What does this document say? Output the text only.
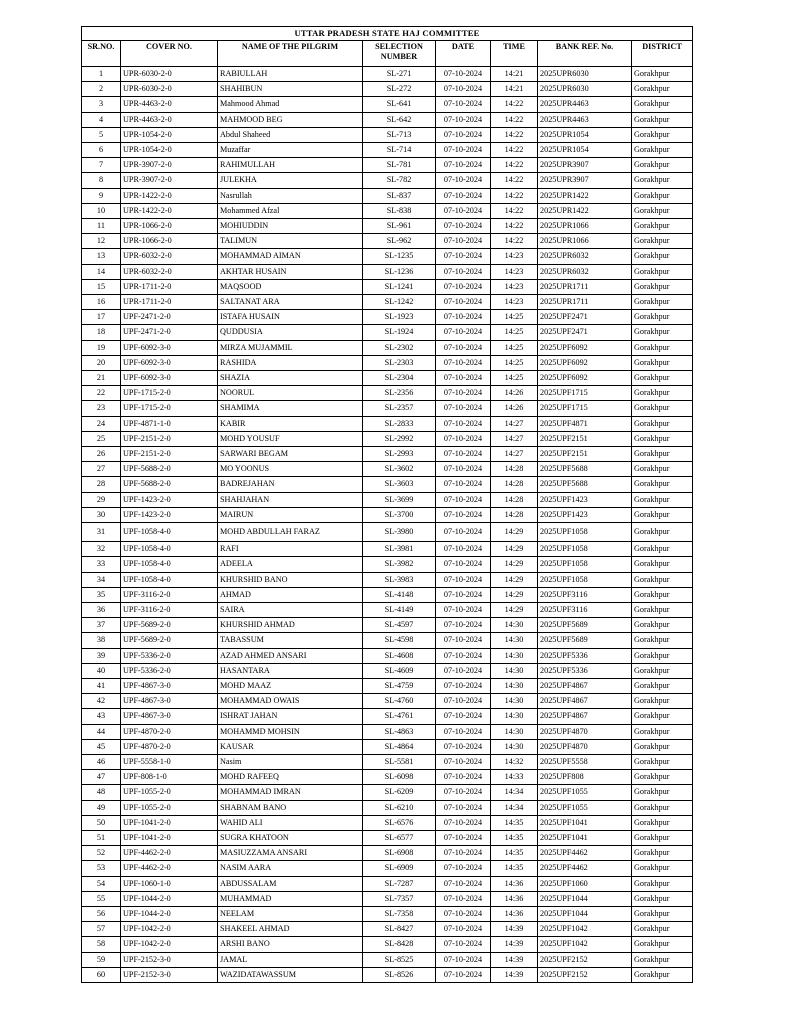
UTTAR PRADESH STATE HAJ COMMITTEE							
SR.NO.	COVER NO.	NAME OF THE PILGRIM	SELECTION NUMBER	DATE	TIME	BANK REF. No.	DISTRICT
1	UPR-6030-2-0	RABIULLAH	SL-271	07-10-2024	14:21	2025UPR6030	Gorakhpur
2	UPR-6030-2-0	SHAHIBUN	SL-272	07-10-2024	14:21	2025UPR6030	Gorakhpur
3	UPR-4463-2-0	Mahmood Ahmad	SL-641	07-10-2024	14:22	2025UPR4463	Gorakhpur
4	UPR-4463-2-0	MAHMOOD BEG	SL-642	07-10-2024	14:22	2025UPR4463	Gorakhpur
5	UPR-1054-2-0	Abdul Shaheed	SL-713	07-10-2024	14:22	2025UPR1054	Gorakhpur
6	UPR-1054-2-0	Muzaffar	SL-714	07-10-2024	14:22	2025UPR1054	Gorakhpur
7	UPR-3907-2-0	RAHIMULLAH	SL-781	07-10-2024	14:22	2025UPR3907	Gorakhpur
8	UPR-3907-2-0	JULEKHA	SL-782	07-10-2024	14:22	2025UPR3907	Gorakhpur
9	UPR-1422-2-0	Nasrullah	SL-837	07-10-2024	14:22	2025UPR1422	Gorakhpur
10	UPR-1422-2-0	Mohammed Afzal	SL-838	07-10-2024	14:22	2025UPR1422	Gorakhpur
11	UPR-1066-2-0	MOHIUDDIN	SL-961	07-10-2024	14:22	2025UPR1066	Gorakhpur
12	UPR-1066-2-0	TALIMUN	SL-962	07-10-2024	14:22	2025UPR1066	Gorakhpur
13	UPR-6032-2-0	MOHAMMAD AIMAN	SL-1235	07-10-2024	14:23	2025UPR6032	Gorakhpur
14	UPR-6032-2-0	AKHTAR HUSAIN	SL-1236	07-10-2024	14:23	2025UPR6032	Gorakhpur
15	UPR-1711-2-0	MAQSOOD	SL-1241	07-10-2024	14:23	2025UPR1711	Gorakhpur
16	UPR-1711-2-0	SALTANAT ARA	SL-1242	07-10-2024	14:23	2025UPR1711	Gorakhpur
17	UPF-2471-2-0	ISTAFA HUSAIN	SL-1923	07-10-2024	14:25	2025UPF2471	Gorakhpur
18	UPF-2471-2-0	QUDDUSIA	SL-1924	07-10-2024	14:25	2025UPF2471	Gorakhpur
19	UPF-6092-3-0	MIRZA MUJAMMIL	SL-2302	07-10-2024	14:25	2025UPF6092	Gorakhpur
20	UPF-6092-3-0	RASHIDA	SL-2303	07-10-2024	14:25	2025UPF6092	Gorakhpur
21	UPF-6092-3-0	SHAZIA	SL-2304	07-10-2024	14:25	2025UPF6092	Gorakhpur
22	UPF-1715-2-0	NOORUL	SL-2356	07-10-2024	14:26	2025UPF1715	Gorakhpur
23	UPF-1715-2-0	SHAMIMA	SL-2357	07-10-2024	14:26	2025UPF1715	Gorakhpur
24	UPF-4871-1-0	KABIR	SL-2833	07-10-2024	14:27	2025UPF4871	Gorakhpur
25	UPF-2151-2-0	MOHD YOUSUF	SL-2992	07-10-2024	14:27	2025UPF2151	Gorakhpur
26	UPF-2151-2-0	SARWARI BEGAM	SL-2993	07-10-2024	14:27	2025UPF2151	Gorakhpur
27	UPF-5688-2-0	MO YOONUS	SL-3602	07-10-2024	14:28	2025UPF5688	Gorakhpur
28	UPF-5688-2-0	BADREJAHAN	SL-3603	07-10-2024	14:28	2025UPF5688	Gorakhpur
29	UPF-1423-2-0	SHAHJAHAN	SL-3699	07-10-2024	14:28	2025UPF1423	Gorakhpur
30	UPF-1423-2-0	MAIRUN	SL-3700	07-10-2024	14:28	2025UPF1423	Gorakhpur
31	UPF-1058-4-0	MOHD ABDULLAH FARAZ	SL-3980	07-10-2024	14:29	2025UPF1058	Gorakhpur
32	UPF-1058-4-0	RAFI	SL-3981	07-10-2024	14:29	2025UPF1058	Gorakhpur
33	UPF-1058-4-0	ADEELA	SL-3982	07-10-2024	14:29	2025UPF1058	Gorakhpur
34	UPF-1058-4-0	KHURSHID BANO	SL-3983	07-10-2024	14:29	2025UPF1058	Gorakhpur
35	UPF-3116-2-0	AHMAD	SL-4148	07-10-2024	14:29	2025UPF3116	Gorakhpur
36	UPF-3116-2-0	SAIRA	SL-4149	07-10-2024	14:29	2025UPF3116	Gorakhpur
37	UPF-5689-2-0	KHURSHID AHMAD	SL-4597	07-10-2024	14:30	2025UPF5689	Gorakhpur
38	UPF-5689-2-0	TABASSUM	SL-4598	07-10-2024	14:30	2025UPF5689	Gorakhpur
39	UPF-5336-2-0	AZAD AHMED ANSARI	SL-4608	07-10-2024	14:30	2025UPF5336	Gorakhpur
40	UPF-5336-2-0	HASANTARA	SL-4609	07-10-2024	14:30	2025UPF5336	Gorakhpur
41	UPF-4867-3-0	MOHD MAAZ	SL-4759	07-10-2024	14:30	2025UPF4867	Gorakhpur
42	UPF-4867-3-0	MOHAMMAD OWAIS	SL-4760	07-10-2024	14:30	2025UPF4867	Gorakhpur
43	UPF-4867-3-0	ISHRAT JAHAN	SL-4761	07-10-2024	14:30	2025UPF4867	Gorakhpur
44	UPF-4870-2-0	MOHAMMD MOHSIN	SL-4863	07-10-2024	14:30	2025UPF4870	Gorakhpur
45	UPF-4870-2-0	KAUSAR	SL-4864	07-10-2024	14:30	2025UPF4870	Gorakhpur
46	UPF-5558-1-0	Nasim	SL-5581	07-10-2024	14:32	2025UPF5558	Gorakhpur
47	UPF-808-1-0	MOHD RAFEEQ	SL-6098	07-10-2024	14:33	2025UPF808	Gorakhpur
48	UPF-1055-2-0	MOHAMMAD IMRAN	SL-6209	07-10-2024	14:34	2025UPF1055	Gorakhpur
49	UPF-1055-2-0	SHABNAM BANO	SL-6210	07-10-2024	14:34	2025UPF1055	Gorakhpur
50	UPF-1041-2-0	WAHID ALI	SL-6576	07-10-2024	14:35	2025UPF1041	Gorakhpur
51	UPF-1041-2-0	SUGRA KHATOON	SL-6577	07-10-2024	14:35	2025UPF1041	Gorakhpur
52	UPF-4462-2-0	MASIUZZAMA ANSARI	SL-6908	07-10-2024	14:35	2025UPF4462	Gorakhpur
53	UPF-4462-2-0	NASIM AARA	SL-6909	07-10-2024	14:35	2025UPF4462	Gorakhpur
54	UPF-1060-1-0	ABDUSSALAM	SL-7287	07-10-2024	14:36	2025UPF1060	Gorakhpur
55	UPF-1044-2-0	MUHAMMAD	SL-7357	07-10-2024	14:36	2025UPF1044	Gorakhpur
56	UPF-1044-2-0	NEELAM	SL-7358	07-10-2024	14:36	2025UPF1044	Gorakhpur
57	UPF-1042-2-0	SHAKEEL AHMAD	SL-8427	07-10-2024	14:39	2025UPF1042	Gorakhpur
58	UPF-1042-2-0	ARSHI BANO	SL-8428	07-10-2024	14:39	2025UPF1042	Gorakhpur
59	UPF-2152-3-0	JAMAL	SL-8525	07-10-2024	14:39	2025UPF2152	Gorakhpur
60	UPF-2152-3-0	WAZIDATAWASSUM	SL-8526	07-10-2024	14:39	2025UPF2152	Gorakhpur
